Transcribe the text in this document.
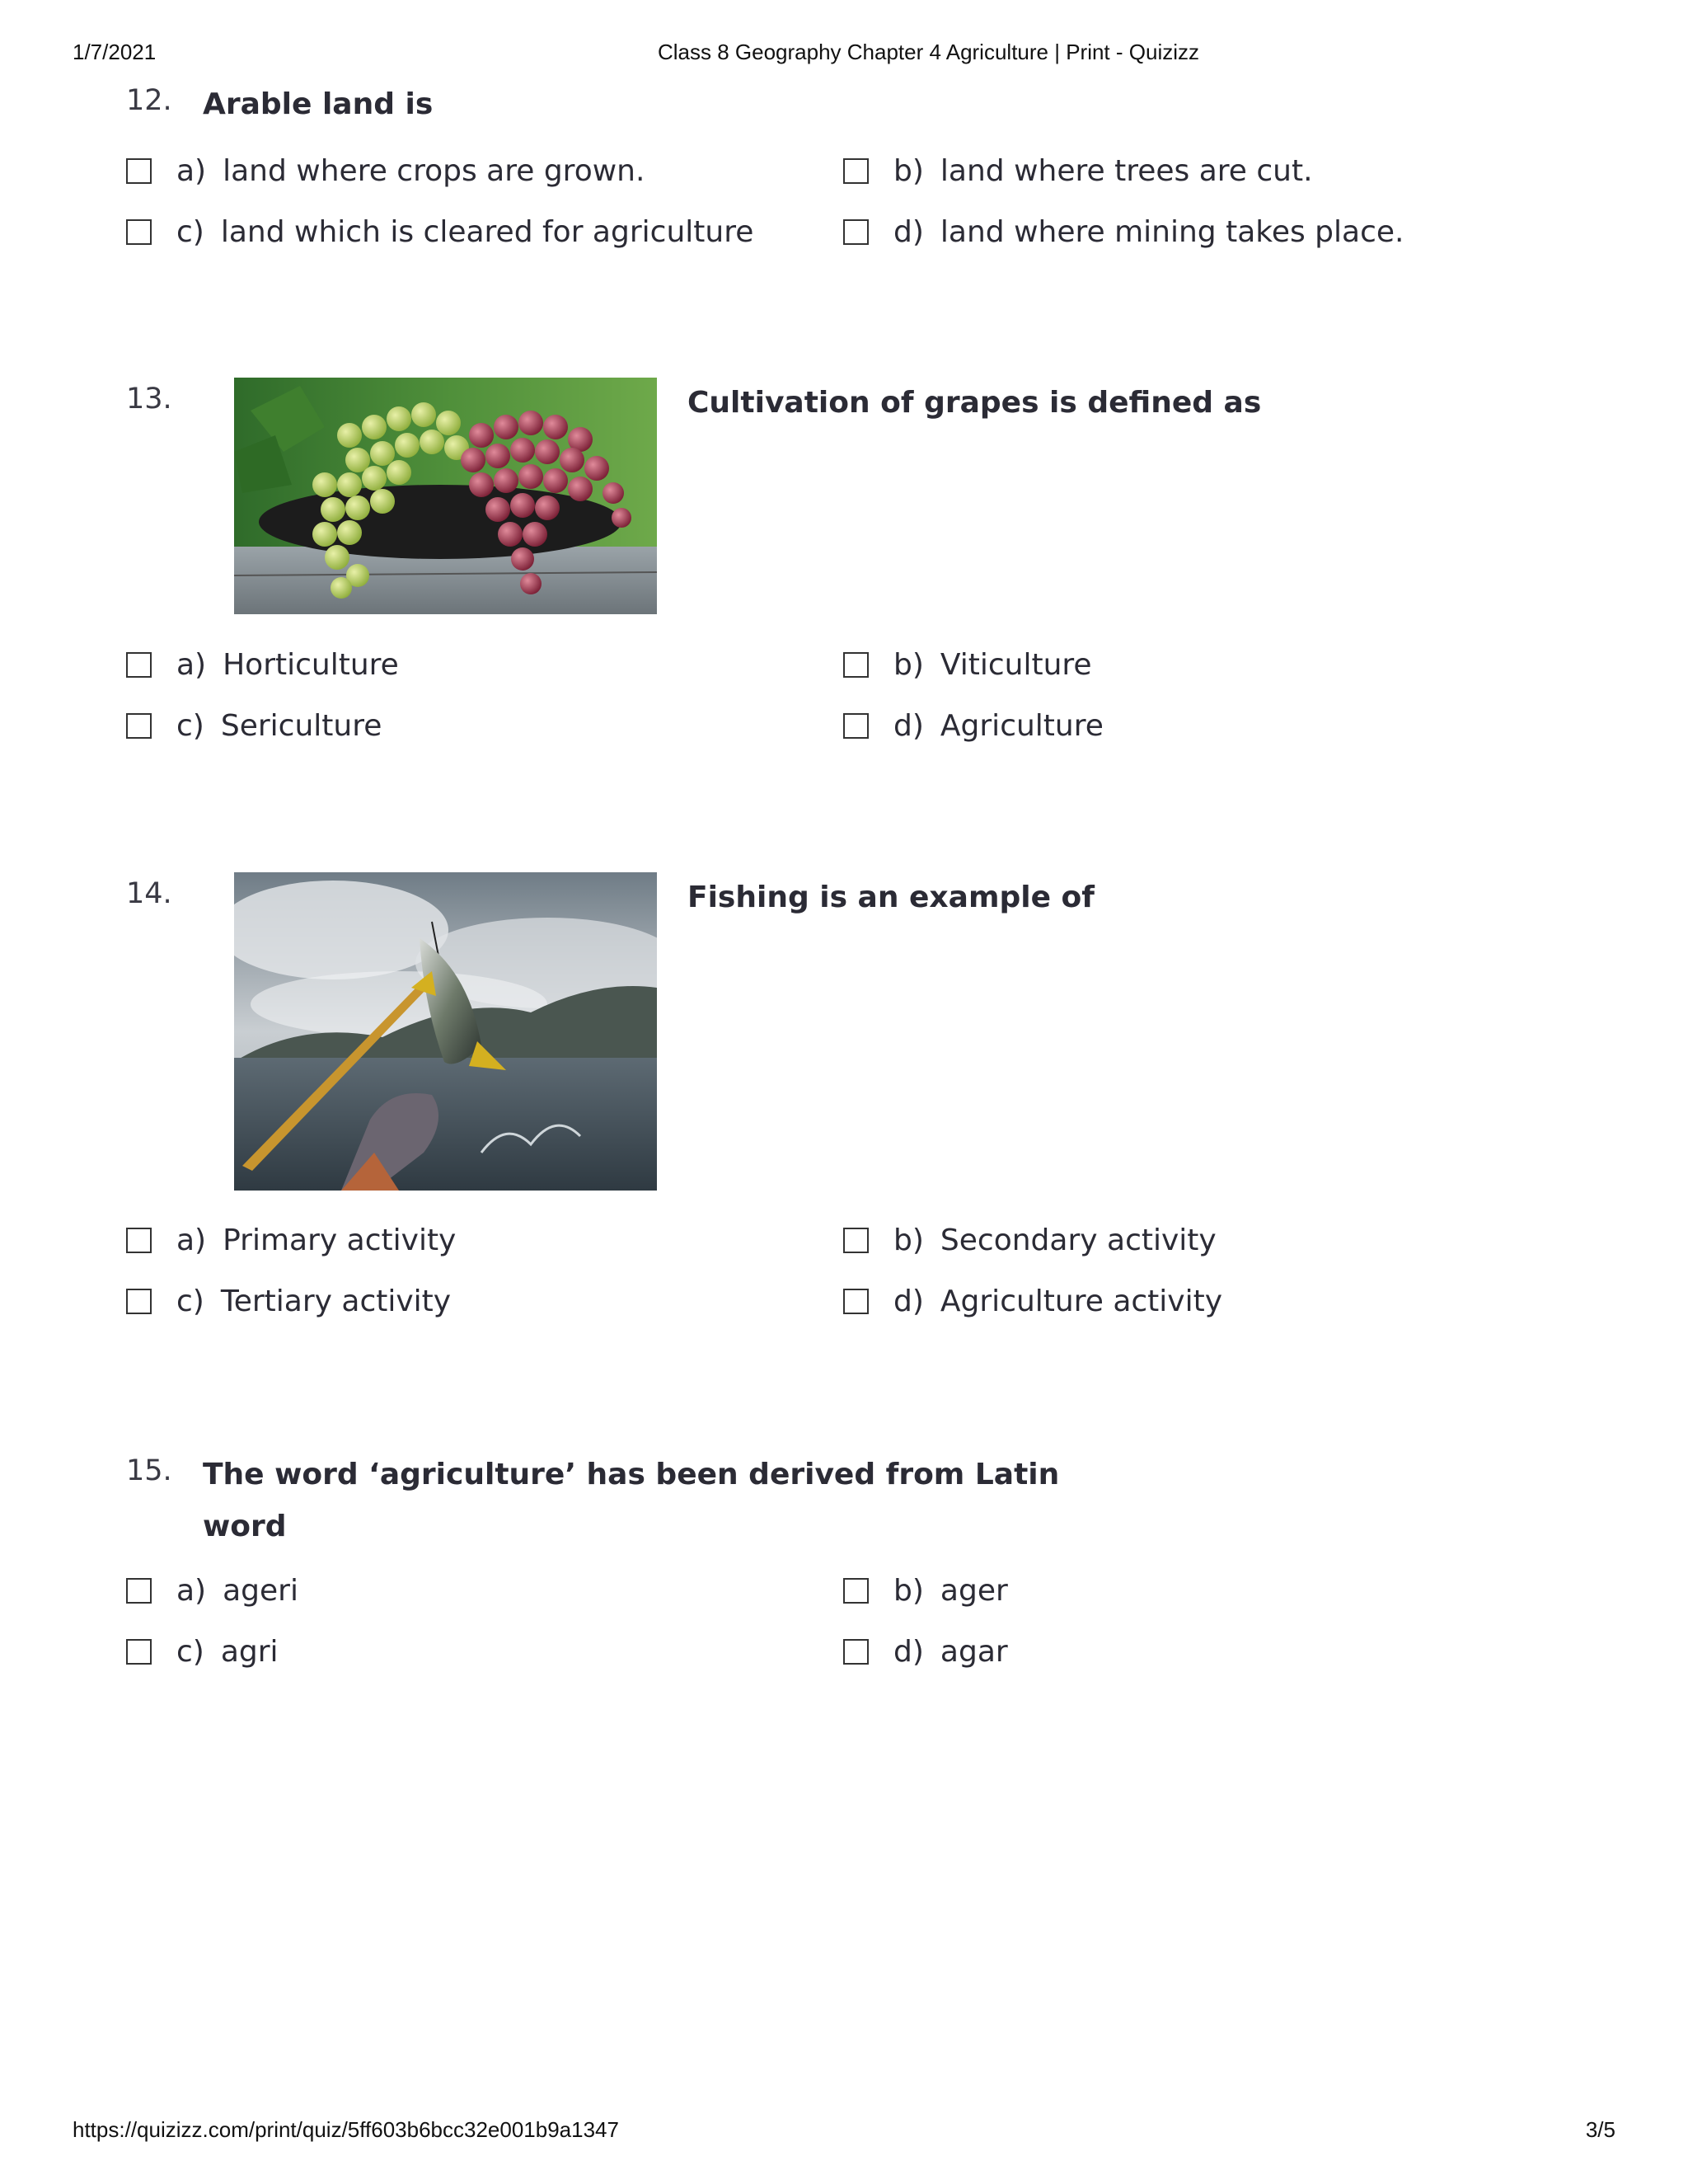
1/7/2021	Class 8 Geography Chapter 4 Agriculture | Print - Quizizz
12. Arable land is
a) land where crops are grown.	b) land where trees are cut.
c) land which is cleared for agriculture	d) land where mining takes place.
13.	Cultivation of grapes is defined as
a) Horticulture	b) Viticulture
c) Sericulture	d) Agriculture
14.	Fishing is an example of
a) Primary activity	b) Secondary activity
c) Tertiary activity	d) Agriculture activity
15. The word ‘agriculture’ has been derived from Latin
word
a) ageri	b) ager
c) agri	d) agar
https://quizizz.com/print/quiz/5ff603b6bcc32e001b9a1347	3/5
